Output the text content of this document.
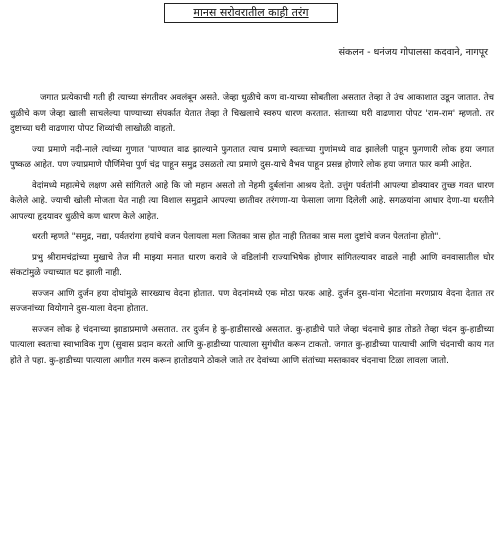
मानस सरोवरातील काही तरंग
संकलन - धनंजय गोपालसा कदवाने, नागपूर

जगात प्रत्येकाची गती ही त्याच्या संगतीवर अवलंबून असते. जेव्हा धुळीचे कण वा-याच्या सोबतीला असतात तेव्हा ते उंच आकाशात उडून जातात. तेच धुळीचे कण जेव्हा खाली साचलेल्या पाण्याच्या संपर्कात येतात तेव्हा ते चिखलाचे स्वरुप धारण करतात. संताच्या घरी वाढणारा पोपट 'राम-राम' म्हणतो. तर दुष्टाच्या घरी वाढणारा पोपट शिव्यांची लाखोळी वाहतो.

ज्या प्रमाणे नदी-नाले त्यांच्या गुणात 'पाण्यात वाढ झाल्याने फुगतात त्याच प्रमाणे स्वतःच्या गुणांमध्ये वाढ झालेली पाहून फुगणारी लोक हया जगात पुष्कळ आहेत. पण ज्याप्रमाणे पौर्णिमेचा पुर्ण चंद्र पाहून समुद्र उसळतो त्या प्रमाणे दुस-याचे वैभव पाहून प्रसन्न होणारे लोक हया जगात फार कमी आहेत.

वेदांमध्ये महात्मेचे लक्षण असे सांगितले आहे कि जो महान असतो तो नेहमी दुर्बलांना आश्रय देतो. उत्तुंग पर्वतांनी आपल्या डोक्यावर तुच्छ गवत धारण केलेले आहे. ज्याची खोली मोजता येत नाही त्या विशाल समुद्राने आपल्या छातीवर तरंगणा-या फेसाला जागा दिलेली आहे. सगळयांना आधार देणा-या धरतीने आपल्या हृदयावर धुळीचे कण धारण केले आहेत.

धरती म्हणते "समुद्र, नद्या, पर्वतरांगा हयांचे वजन पेलायला मला जितका त्रास होत नाही तितका त्रास मला दुष्टांचे वजन पेलतांना होतो".

प्रभु श्रीरामचंद्रांच्या मुखाचे तेज मी माझ्या मनात धारण करावे जे वडिलांनी राज्याभिषेक होणार सांगितल्यावर वाढले नाही आणि वनवासातील घोर संकटांमुळे ज्याच्यात घट झाली नाही.

सज्जन आणि दुर्जन हया दोघांमुळे सारख्याच वेदना होतात. पण वेदनांमध्ये एक मोठा फरक आहे. दुर्जन दुस-यांना भेटतांना मरणप्राय वेदना देतात तर सज्जनांच्या वियोगाने दुस-याला वेदना होतात.

सज्जन लोक हे चंदनाच्या झाडाप्रमाणे असतात. तर दुर्जन हे कु-हाडीसारखे असतात. कु-हाडीचे पाते जेव्हा चंदनाचे झाड तोडते तेव्हा चंदन कु-हाडीच्या पात्याला स्वतःचा स्वाभाविक गुण (सुवास प्रदान करतो आणि कु-हाडीच्या पात्याला सुगंधीत करून टाकतो. जगात कु-हाडीच्या पात्याची आणि चंदनाची काय गत होते ते पहा. कु-हाडीच्या पात्याला आगीत गरम करून हातोडयाने ठोकले जाते तर देवांच्या आणि संतांच्या मस्तकावर चंदनाचा टिळा लावला जातो.
